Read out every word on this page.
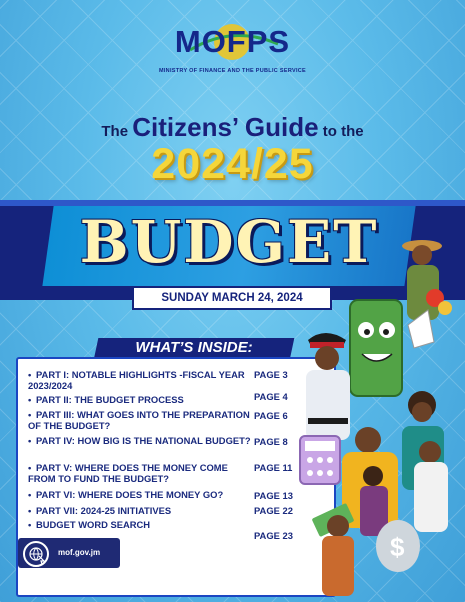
MOFPS
MINISTRY OF FINANCE AND THE PUBLIC SERVICE
The Citizens’ Guide to the
2024/25
BUDGET
SUNDAY MARCH 24, 2024
WHAT’S INSIDE:
• PART I: NOTABLE HIGHLIGHTS -FISCAL YEAR 2023/2024
PAGE 3
• PART II: THE BUDGET PROCESS	PAGE 4
• PART III: WHAT GOES INTO THE PREPARATION OF THE BUDGET?
PAGE 6
• PART IV: HOW BIG IS THE NATIONAL BUDGET? PAGE 8
• PART V: WHERE DOES THE MONEY COME FROM TO FUND THE BUDGET?
PAGE 11
• PART VI: WHERE DOES THE MONEY GO?	PAGE 13
• PART VII: 2024-25 INITIATIVES	PAGE 22
• BUDGET WORD SEARCH
PAGE 23
mof.gov.jm	$
